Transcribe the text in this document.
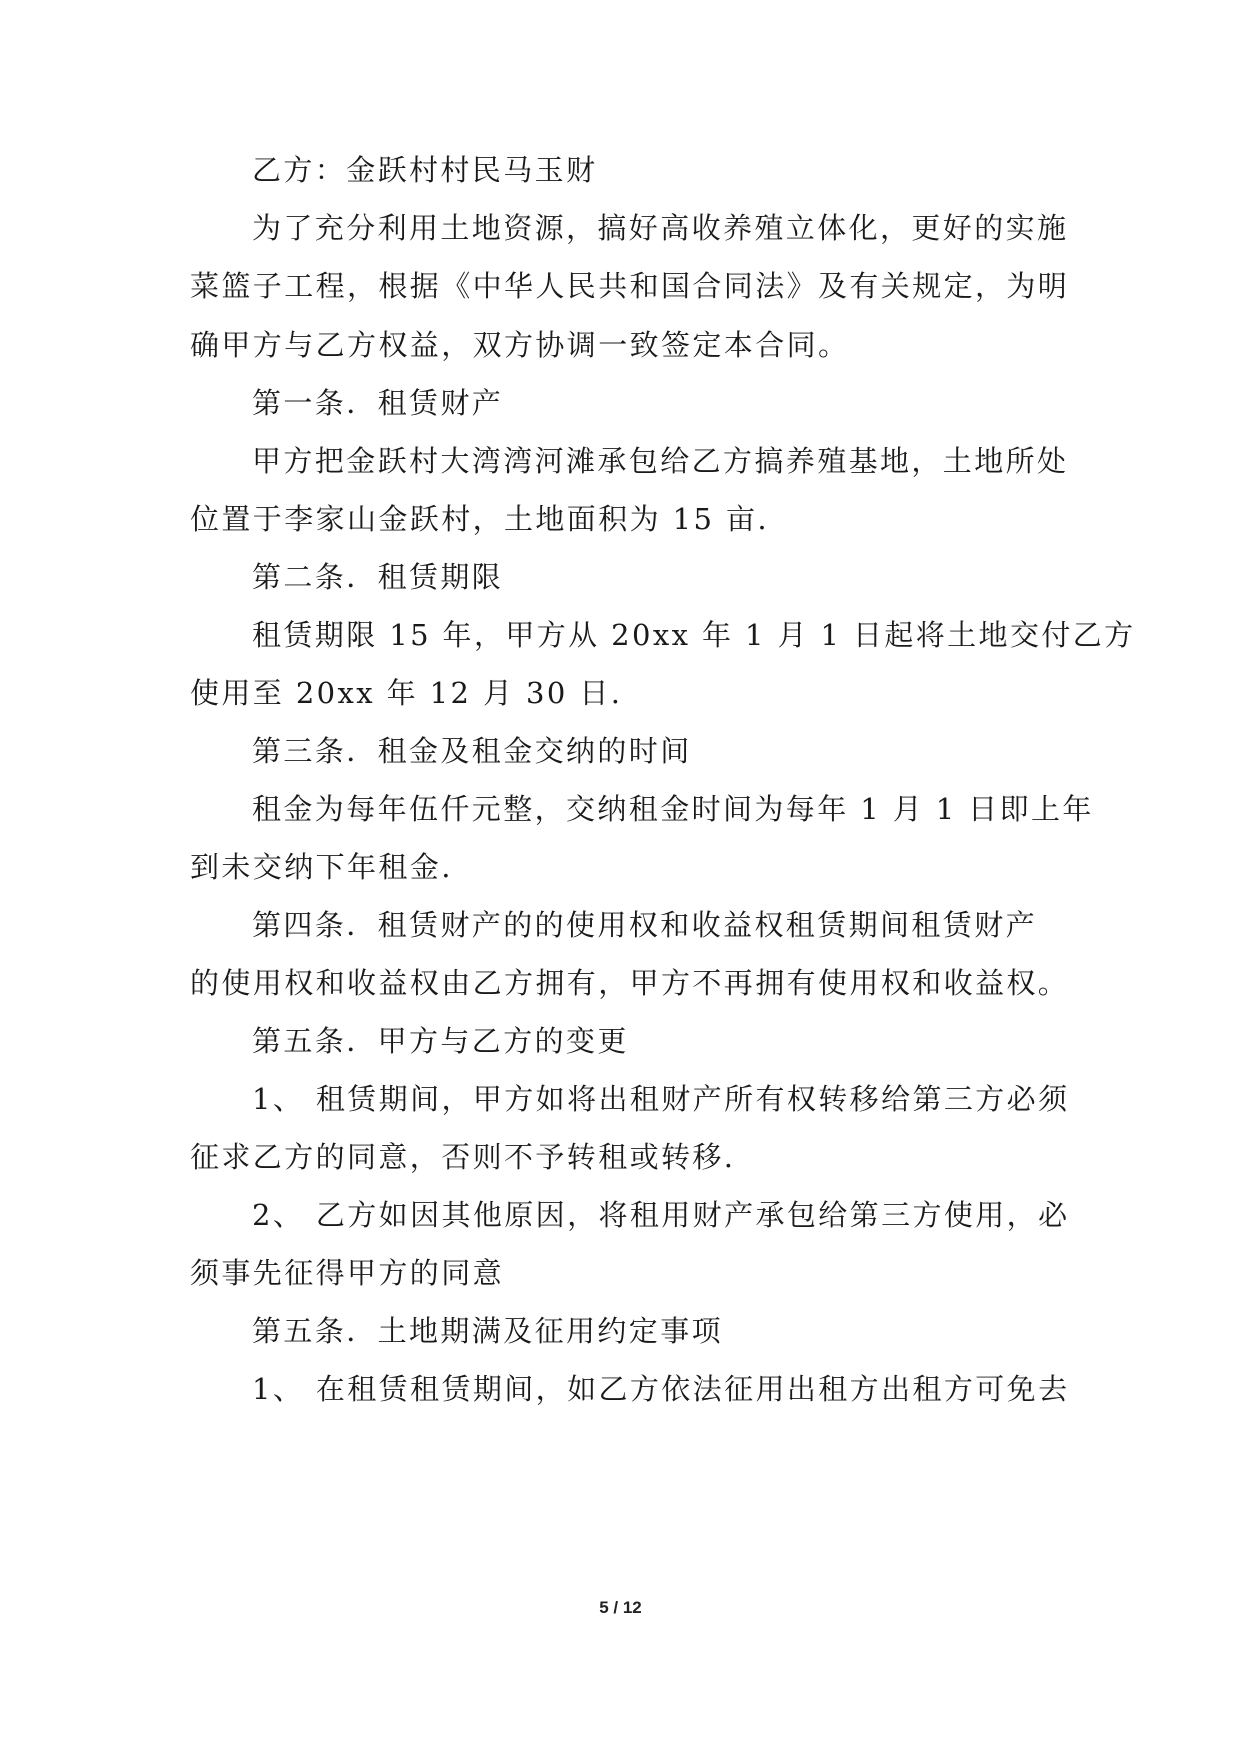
乙方：金跃村村民马玉财
为了充分利用土地资源，搞好高收养殖立体化，更好的实施
菜篮子工程，根据《中华人民共和国合同法》及有关规定，为明
确甲方与乙方权益，双方协调一致签定本合同。
第一条．租赁财产
甲方把金跃村大湾湾河滩承包给乙方搞养殖基地，土地所处
位置于李家山金跃村，土地面积为 15 亩.
第二条．租赁期限
租赁期限 15 年，甲方从 20xx 年 1 月 1 日起将土地交付乙方
使用至 20xx 年 12 月 30 日.
第三条．租金及租金交纳的时间
租金为每年伍仟元整，交纳租金时间为每年 1 月 1 日即上年
到未交纳下年租金.
第四条．租赁财产的的使用权和收益权租赁期间租赁财产
的使用权和收益权由乙方拥有，甲方不再拥有使用权和收益权。
第五条．甲方与乙方的变更
1、 租赁期间，甲方如将出租财产所有权转移给第三方必须
征求乙方的同意，否则不予转租或转移.
2、 乙方如因其他原因，将租用财产承包给第三方使用，必
须事先征得甲方的同意
第五条．土地期满及征用约定事项
1、 在租赁租赁期间，如乙方依法征用出租方出租方可免去
5 / 12
